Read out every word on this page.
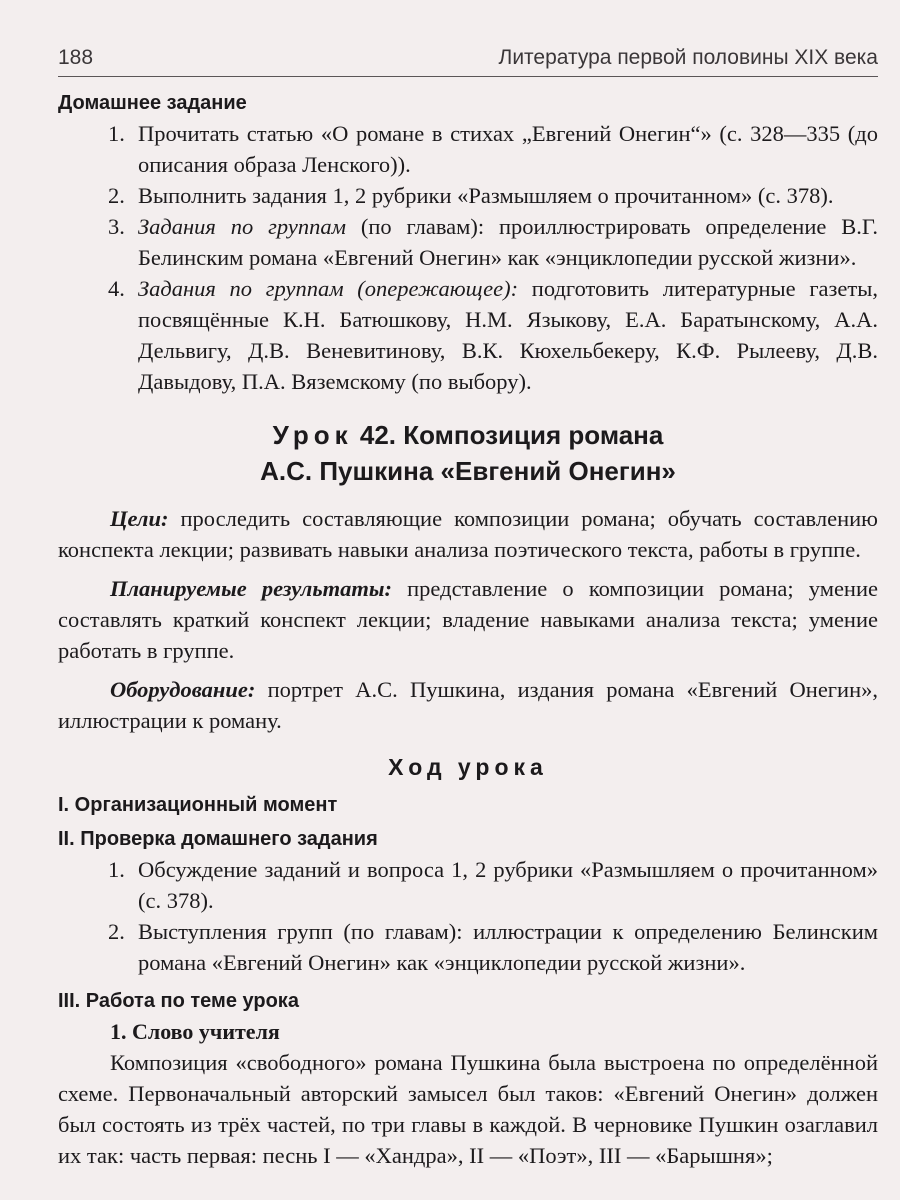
188	Литература первой половины XIX века
Домашнее задание
1. Прочитать статью «О романе в стихах „Евгений Онегин“» (с. 328—335 (до описания образа Ленского)).
2. Выполнить задания 1, 2 рубрики «Размышляем о прочитанном» (с. 378).
3. Задания по группам (по главам): проиллюстрировать определение В.Г. Белинским романа «Евгений Онегин» как «энциклопедии русской жизни».
4. Задания по группам (опережающее): подготовить литературные газеты, посвящённые К.Н. Батюшкову, Н.М. Языкову, Е.А. Баратынскому, А.А. Дельвигу, Д.В. Веневитинову, В.К. Кюхельбекеру, К.Ф. Рылееву, Д.В. Давыдову, П.А. Вяземскому (по выбору).
Урок 42. Композиция романа
А.С. Пушкина «Евгений Онегин»

Цели: проследить составляющие композиции романа; обучать составлению конспекта лекции; развивать навыки анализа поэтического текста, работы в группе.

Планируемые результаты: представление о композиции романа; умение составлять краткий конспект лекции; владение навыками анализа текста; умение работать в группе.

Оборудование: портрет А.С. Пушкина, издания романа «Евгений Онегин», иллюстрации к роману.

Ход урока
I. Организационный момент
II. Проверка домашнего задания
1. Обсуждение заданий и вопроса 1, 2 рубрики «Размышляем о прочитанном» (с. 378).
2. Выступления групп (по главам): иллюстрации к определению Белинским романа «Евгений Онегин» как «энциклопедии русской жизни».
III. Работа по теме урока

1. Слово учителя

Композиция «свободного» романа Пушкина была выстроена по определённой схеме. Первоначальный авторский замысел был таков: «Евгений Онегин» должен был состоять из трёх частей, по три главы в каждой. В черновике Пушкин озаглавил их так: часть первая: песнь I — «Хандра», II — «Поэт», III — «Барышня»;
